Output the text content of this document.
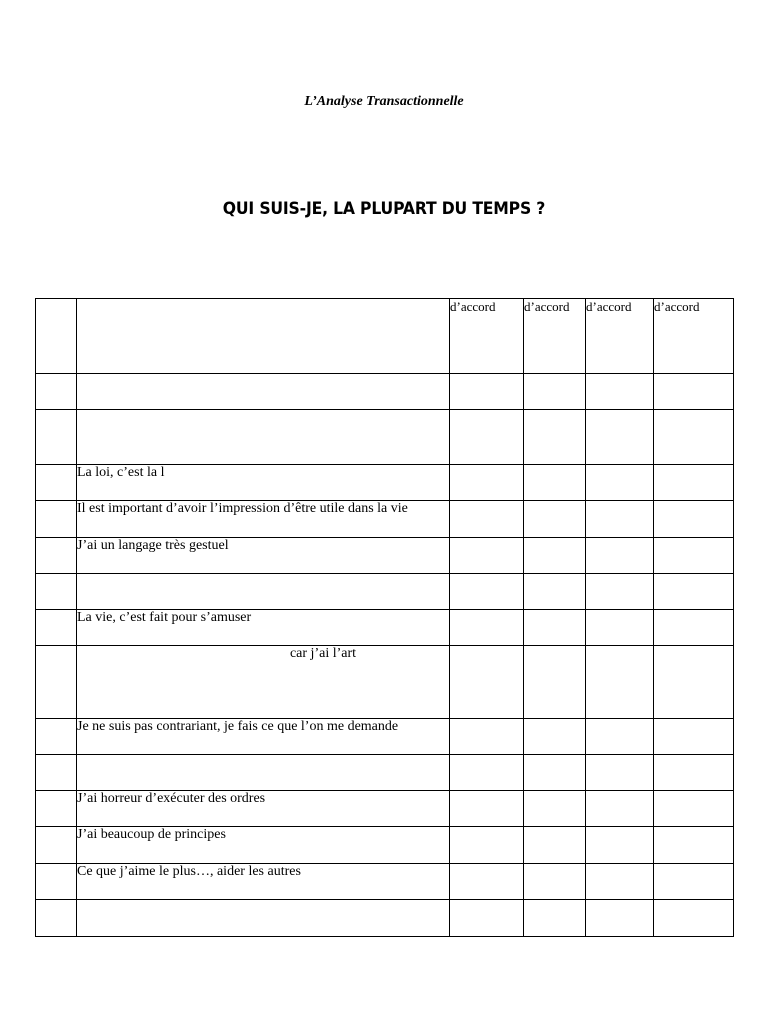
L’Analyse Transactionnelle
QUI SUIS-JE, LA PLUPART DU TEMPS ?
		d’accord	d’accord	d’accord	d’accord

	La loi, c’est la l				
	Il est important d’avoir l’impression d’être utile dans la vie				
	J’ai un langage très gestuel				

	La vie, c’est fait pour s’amuser				
	car j’ai l’art				
	Je ne suis pas contrariant, je fais ce que l’on me demande				

	J’ai horreur d’exécuter des ordres				
	J’ai beaucoup de principes				
	Ce que j’aime le plus…, aider les autres				
